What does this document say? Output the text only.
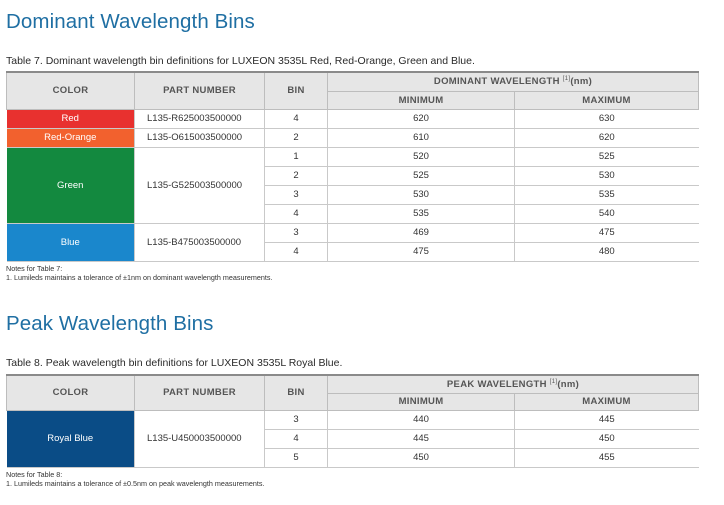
Dominant Wavelength Bins

Table 7. Dominant wavelength bin definitions for LUXEON 3535L Red, Red-Orange, Green and Blue.

COLOR	PART NUMBER	BIN	DOMINANT WAVELENGTH [1](nm)	
			MINIMUM	MAXIMUM
Red	L135-R625003500000	4	620	630
Red-Orange	L135-O615003500000	2	610	620
Green	L135-G525003500000	1	520	525
		2	525	530
		3	530	535
		4	535	540
Blue	L135-B475003500000	3	469	475
		4	475	480
Notes for Table 7:
1. Lumileds maintains a tolerance of ±1nm on dominant wavelength measurements.
Peak Wavelength Bins

Table 8. Peak wavelength bin definitions for LUXEON 3535L Royal Blue.

COLOR	PART NUMBER	BIN	PEAK WAVELENGTH [1](nm)	
			MINIMUM	MAXIMUM
Royal Blue	L135-U450003500000	3	440	445
		4	445	450
		5	450	455
Notes for Table 8:
1. Lumileds maintains a tolerance of ±0.5nm on peak wavelength measurements.
